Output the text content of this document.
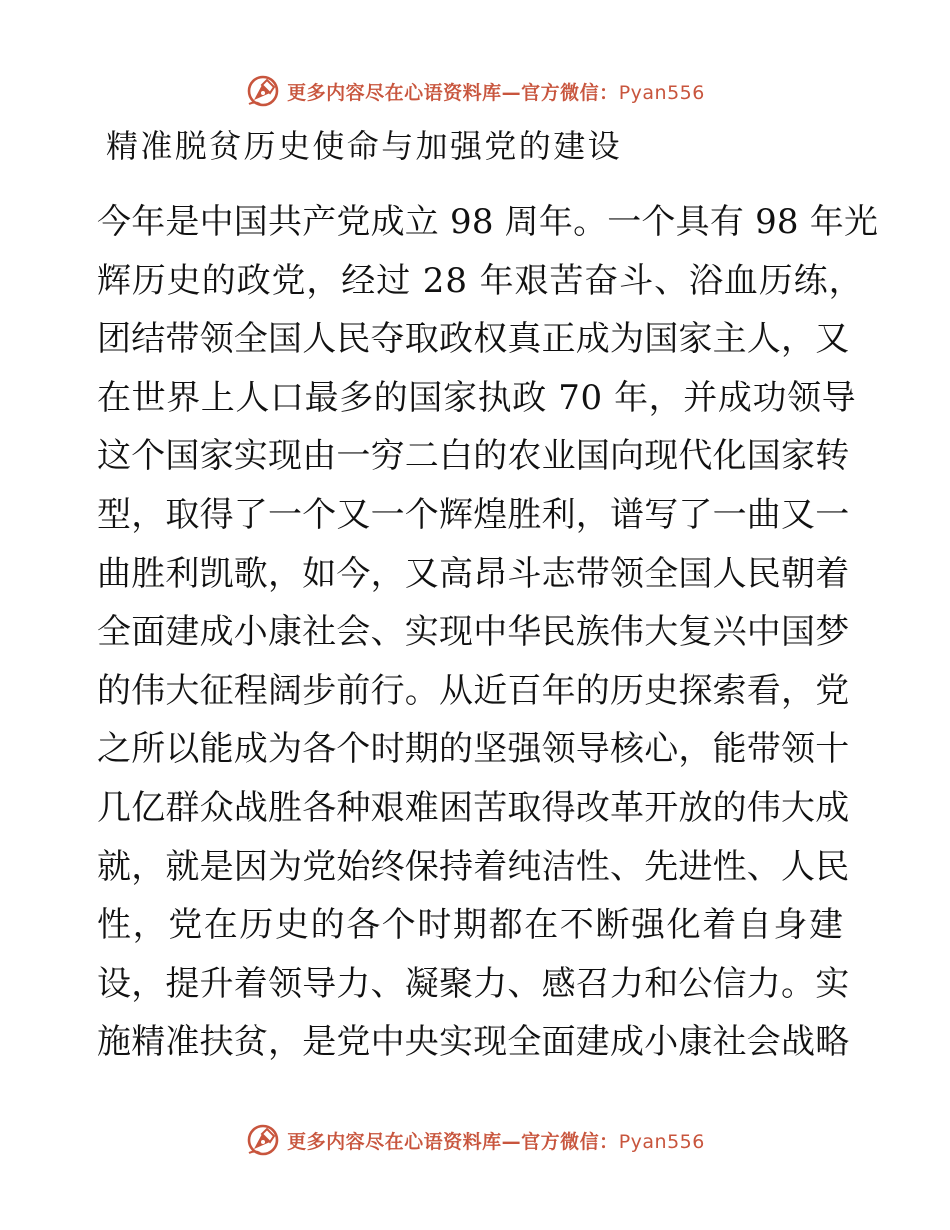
更多内容尽在心语资料库—官方微信：Pyan556
精准脱贫历史使命与加强党的建设
今年是中国共产党成立 98 周年。一个具有 98 年光
辉历史的政党，经过 28 年艰苦奋斗、浴血历练，
团结带领全国人民夺取政权真正成为国家主人，又
在世界上人口最多的国家执政 70 年，并成功领导
这个国家实现由一穷二白的农业国向现代化国家转
型，取得了一个又一个辉煌胜利，谱写了一曲又一
曲胜利凯歌，如今，又高昂斗志带领全国人民朝着
全面建成小康社会、实现中华民族伟大复兴中国梦
的伟大征程阔步前行。从近百年的历史探索看，党
之所以能成为各个时期的坚强领导核心，能带领十
几亿群众战胜各种艰难困苦取得改革开放的伟大成
就，就是因为党始终保持着纯洁性、先进性、人民
性，党在历史的各个时期都在不断强化着自身建
设，提升着领导力、凝聚力、感召力和公信力。实
施精准扶贫，是党中央实现全面建成小康社会战略
更多内容尽在心语资料库—官方微信：Pyan556
